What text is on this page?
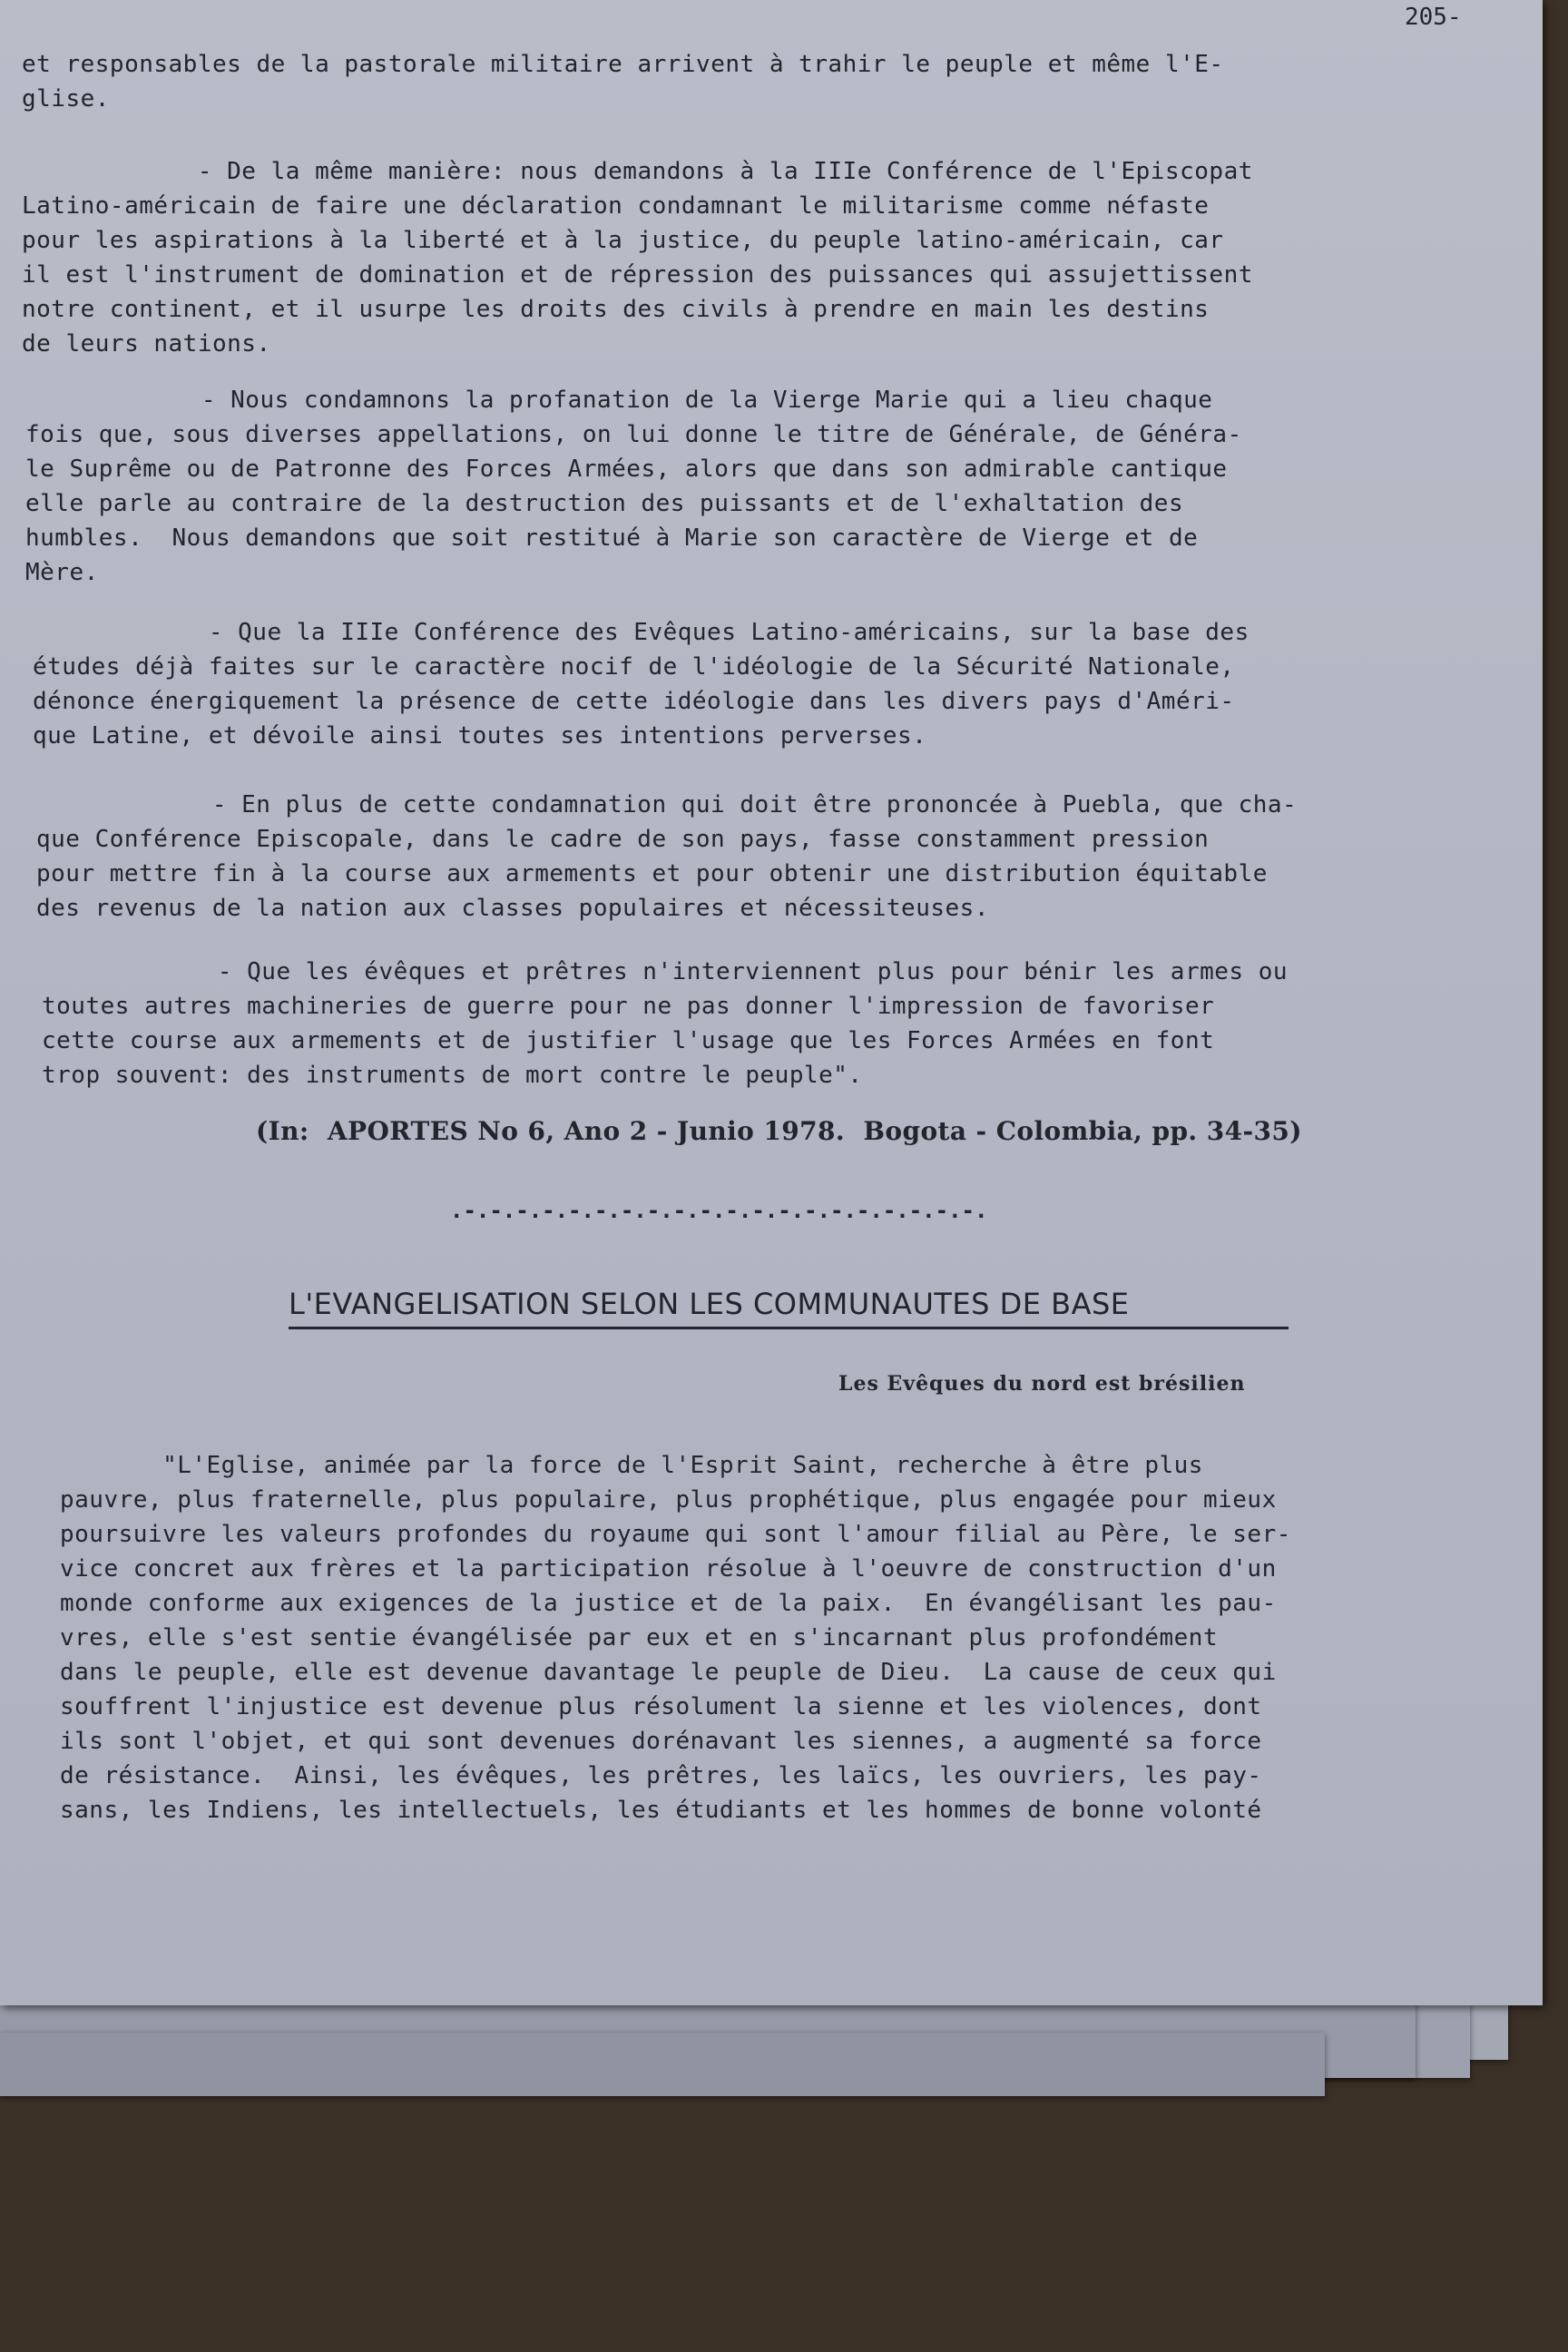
205-

et responsables de la pastorale militaire arrivent à trahir le peuple et même l'E-
glise.

- De la même manière: nous demandons à la IIIe Conférence de l'Episcopat
Latino-américain de faire une déclaration condamnant le militarisme comme néfaste
pour les aspirations à la liberté et à la justice, du peuple latino-américain, car
il est l'instrument de domination et de répression des puissances qui assujettissent
notre continent, et il usurpe les droits des civils à prendre en main les destins
de leurs nations.

- Nous condamnons la profanation de la Vierge Marie qui a lieu chaque
fois que, sous diverses appellations, on lui donne le titre de Générale, de Généra-
le Suprême ou de Patronne des Forces Armées, alors que dans son admirable cantique
elle parle au contraire de la destruction des puissants et de l'exhaltation des
humbles.  Nous demandons que soit restitué à Marie son caractère de Vierge et de
Mère.

- Que la IIIe Conférence des Evêques Latino-américains, sur la base des
études déjà faites sur le caractère nocif de l'idéologie de la Sécurité Nationale,
dénonce énergiquement la présence de cette idéologie dans les divers pays d'Améri-
que Latine, et dévoile ainsi toutes ses intentions perverses.

- En plus de cette condamnation qui doit être prononcée à Puebla, que cha-
que Conférence Episcopale, dans le cadre de son pays, fasse constamment pression
pour mettre fin à la course aux armements et pour obtenir une distribution équitable
des revenus de la nation aux classes populaires et nécessiteuses.

- Que les évêques et prêtres n'interviennent plus pour bénir les armes ou
toutes autres machineries de guerre pour ne pas donner l'impression de favoriser
cette course aux armements et de justifier l'usage que les Forces Armées en font
trop souvent: des instruments de mort contre le peuple".

(In:  APORTES No 6, Ano 2 - Junio 1978.  Bogota - Colombia, pp. 34-35)
.-.-.-.-.-.-.-.-.-.-.-.-.-.-.-.-.-.-.-.-.
L'EVANGELISATION SELON LES COMMUNAUTES DE BASE
Les Evêques du nord est brésilien

"L'Eglise, animée par la force de l'Esprit Saint, recherche à être plus
pauvre, plus fraternelle, plus populaire, plus prophétique, plus engagée pour mieux
poursuivre les valeurs profondes du royaume qui sont l'amour filial au Père, le ser-
vice concret aux frères et la participation résolue à l'oeuvre de construction d'un
monde conforme aux exigences de la justice et de la paix.  En évangélisant les pau-
vres, elle s'est sentie évangélisée par eux et en s'incarnant plus profondément
dans le peuple, elle est devenue davantage le peuple de Dieu.  La cause de ceux qui
souffrent l'injustice est devenue plus résolument la sienne et les violences, dont
ils sont l'objet, et qui sont devenues dorénavant les siennes, a augmenté sa force
de résistance.  Ainsi, les évêques, les prêtres, les laïcs, les ouvriers, les pay-
sans, les Indiens, les intellectuels, les étudiants et les hommes de bonne volonté
